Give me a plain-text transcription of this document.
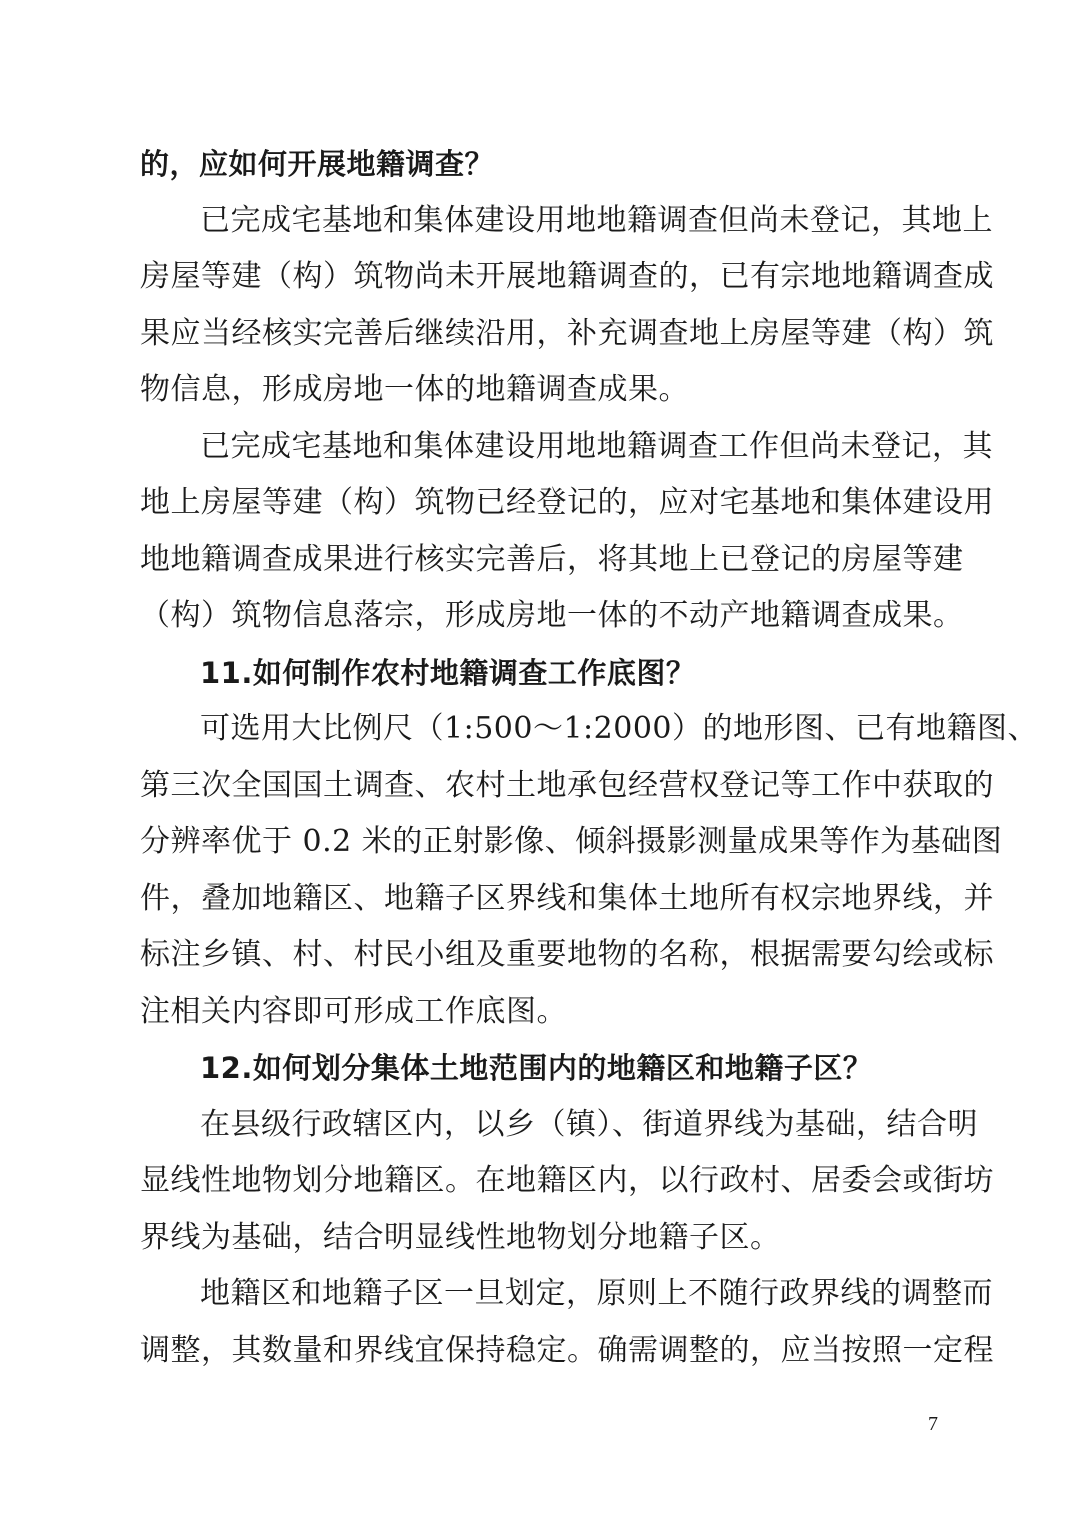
的，应如何开展地籍调查？
已完成宅基地和集体建设用地地籍调查但尚未登记，其地上
房屋等建（构）筑物尚未开展地籍调查的，已有宗地地籍调查成
果应当经核实完善后继续沿用，补充调查地上房屋等建（构）筑
物信息，形成房地一体的地籍调查成果。
已完成宅基地和集体建设用地地籍调查工作但尚未登记，其
地上房屋等建（构）筑物已经登记的，应对宅基地和集体建设用
地地籍调查成果进行核实完善后，将其地上已登记的房屋等建
（构）筑物信息落宗，形成房地一体的不动产地籍调查成果。
11.如何制作农村地籍调查工作底图？
可选用大比例尺（1:500～1:2000）的地形图、已有地籍图、
第三次全国国土调查、农村土地承包经营权登记等工作中获取的
分辨率优于 0.2 米的正射影像、倾斜摄影测量成果等作为基础图
件，叠加地籍区、地籍子区界线和集体土地所有权宗地界线，并
标注乡镇、村、村民小组及重要地物的名称，根据需要勾绘或标
注相关内容即可形成工作底图。
12.如何划分集体土地范围内的地籍区和地籍子区？
在县级行政辖区内，以乡（镇）、街道界线为基础，结合明
显线性地物划分地籍区。在地籍区内，以行政村、居委会或街坊
界线为基础，结合明显线性地物划分地籍子区。
地籍区和地籍子区一旦划定，原则上不随行政界线的调整而
调整，其数量和界线宜保持稳定。确需调整的，应当按照一定程
7
